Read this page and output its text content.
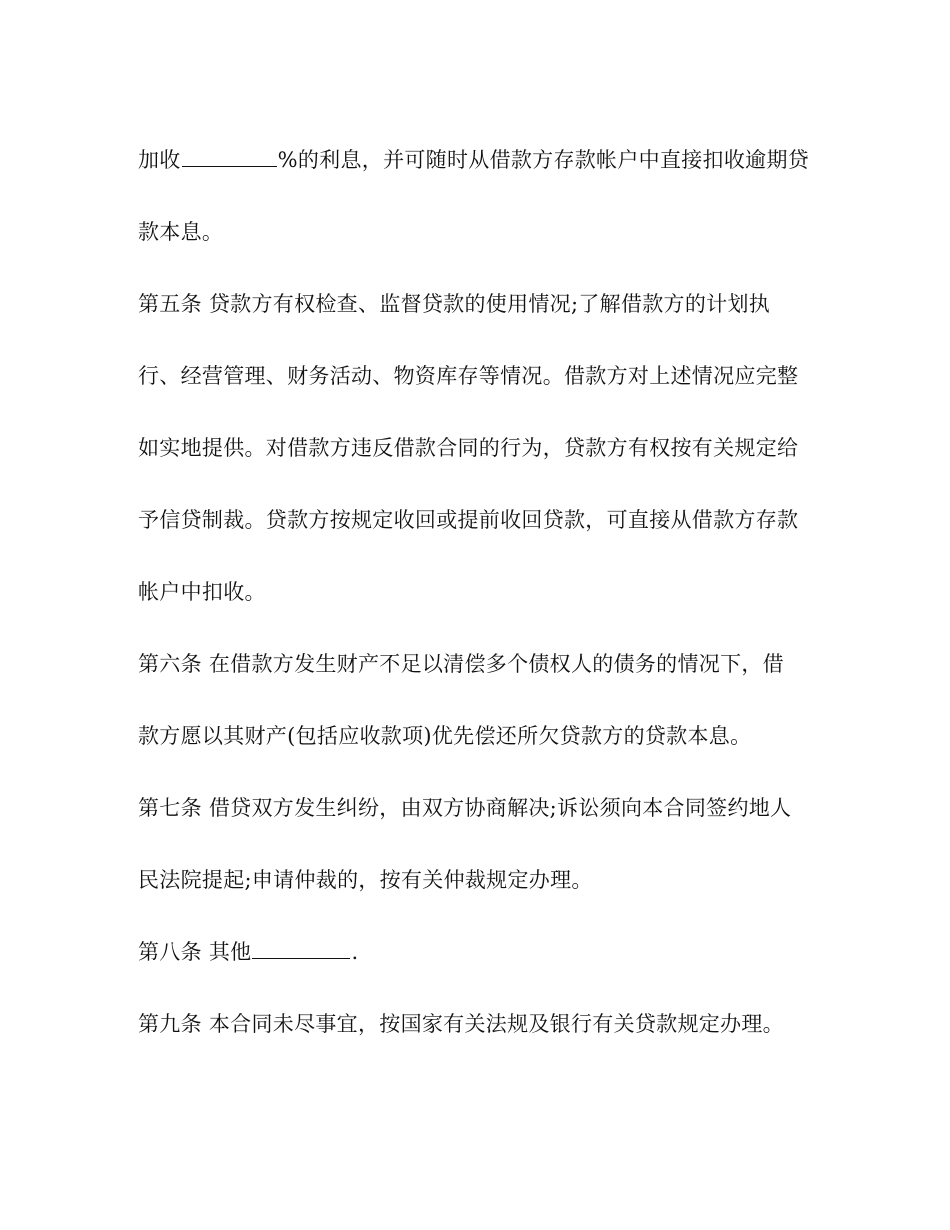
加收	%的利息，并可随时从借款方存款帐户中直接扣收逾期贷
款本息。
第五条 贷款方有权检查、监督贷款的使用情况;了解借款方的计划执
行、经营管理、财务活动、物资库存等情况。借款方对上述情况应完整
如实地提供。对借款方违反借款合同的行为，贷款方有权按有关规定给
予信贷制裁。贷款方按规定收回或提前收回贷款，可直接从借款方存款
帐户中扣收。
第六条 在借款方发生财产不足以清偿多个债权人的债务的情况下，借
款方愿以其财产(包括应收款项)优先偿还所欠贷款方的贷款本息。
第七条 借贷双方发生纠纷，由双方协商解决;诉讼须向本合同签约地人
民法院提起;申请仲裁的，按有关仲裁规定办理。
第八条 其他	.
第九条 本合同未尽事宜，按国家有关法规及银行有关贷款规定办理。
